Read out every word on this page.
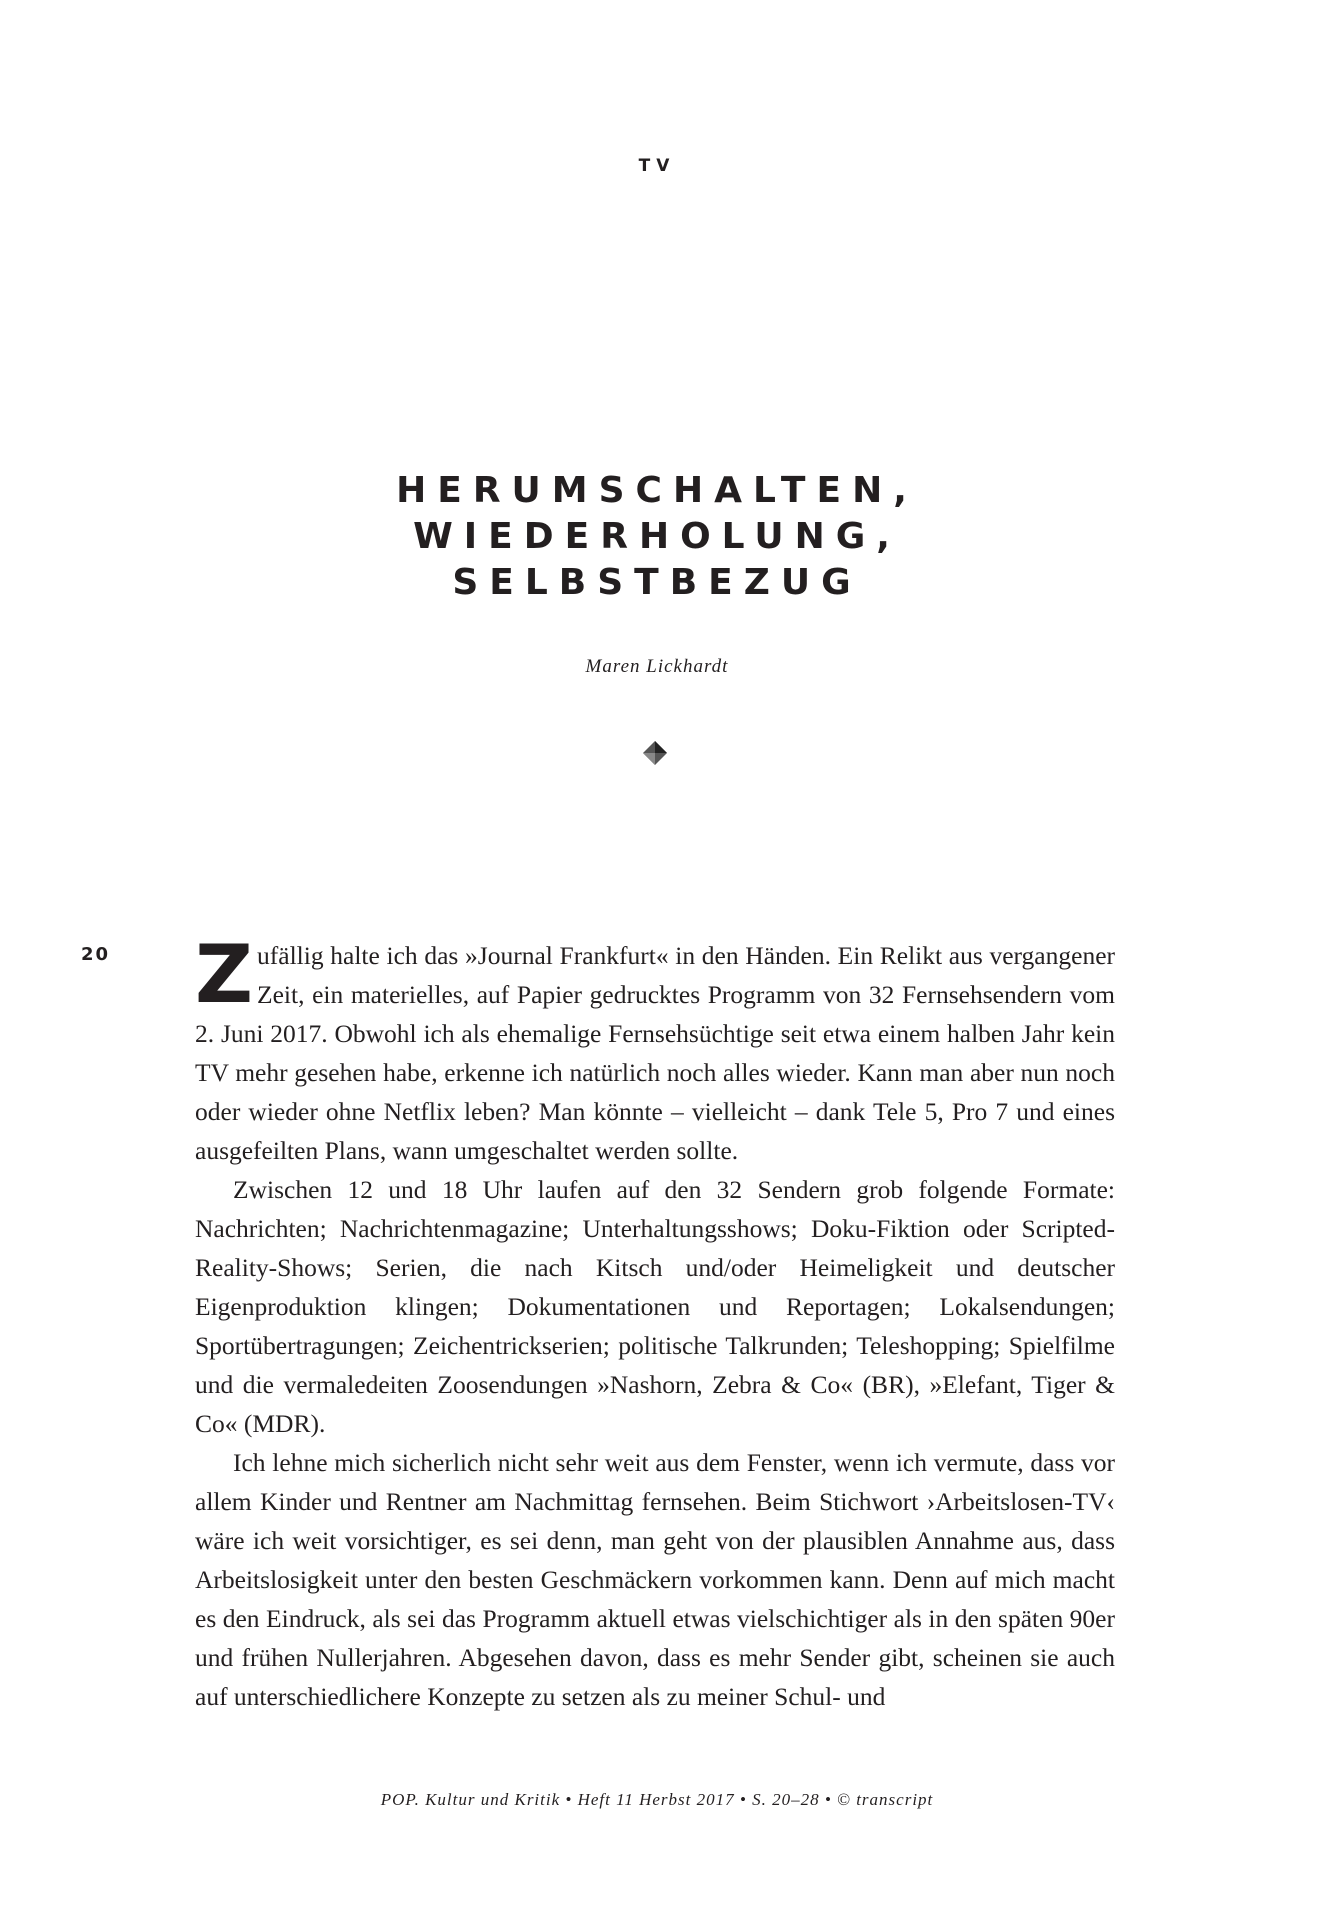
TV
HERUMSCHALTEN,
WIEDERHOLUNG,
SELBSTBEZUG
Maren Lickhardt
20 Zufällig halte ich das »Journal Frankfurt« in den Händen. Ein Relikt aus vergangener Zeit, ein materielles, auf Papier gedrucktes Programm von 32 Fernsehsendern vom 2. Juni 2017. Obwohl ich als ehemalige Fernsehsüchtige seit etwa einem halben Jahr kein TV mehr gesehen habe, erkenne ich natürlich noch alles wieder. Kann man aber nun noch oder wieder ohne Netflix leben? Man könnte – vielleicht – dank Tele 5, Pro 7 und eines ausgefeilten Plans, wann umgeschaltet werden sollte.

Zwischen 12 und 18 Uhr laufen auf den 32 Sendern grob folgende Formate: Nachrichten; Nachrichtenmagazine; Unterhaltungsshows; Doku-Fiktion oder Scripted-Reality-Shows; Serien, die nach Kitsch und/oder Heimeligkeit und deutscher Eigenproduktion klingen; Dokumentationen und Reportagen; Lokalsendungen; Sportübertragungen; Zeichentrickserien; politische Talkrunden; Teleshopping; Spielfilme und die vermaledeiten Zoosendungen »Nashorn, Zebra & Co« (BR), »Elefant, Tiger & Co« (MDR).

Ich lehne mich sicherlich nicht sehr weit aus dem Fenster, wenn ich vermute, dass vor allem Kinder und Rentner am Nachmittag fernsehen. Beim Stichwort ›Arbeitslosen-TV‹ wäre ich weit vorsichtiger, es sei denn, man geht von der plausiblen Annahme aus, dass Arbeitslosigkeit unter den besten Geschmäckern vorkommen kann. Denn auf mich macht es den Eindruck, als sei das Programm aktuell etwas vielschichtiger als in den späten 90er und frühen Nullerjahren. Abgesehen davon, dass es mehr Sender gibt, scheinen sie auch auf unterschiedlichere Konzepte zu setzen als zu meiner Schul- und

POP. Kultur und Kritik • Heft 11 Herbst 2017 • S. 20–28 • © transcript
